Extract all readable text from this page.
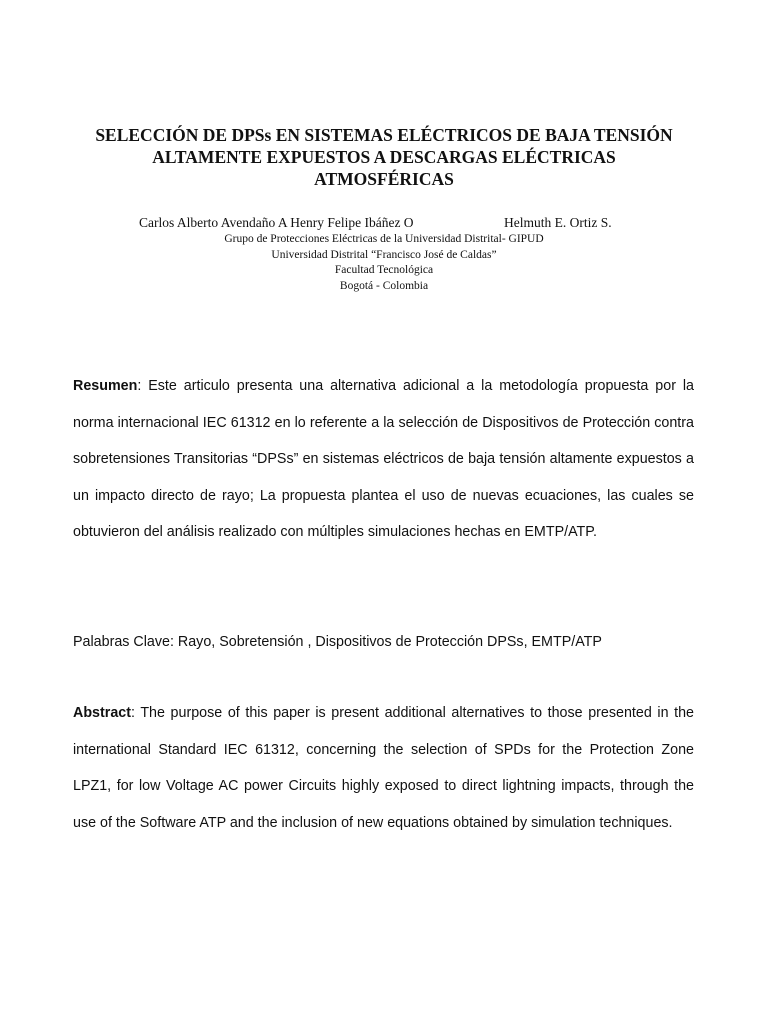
SELECCIÓN DE DPSs EN SISTEMAS ELÉCTRICOS DE BAJA TENSIÓN
ALTAMENTE EXPUESTOS A DESCARGAS ELÉCTRICAS
ATMOSFÉRICAS
Carlos Alberto Avendaño A Henry Felipe Ibáñez O	Helmuth E. Ortiz S.
Grupo de Protecciones Eléctricas de la Universidad Distrital- GIPUD
Universidad Distrital “Francisco José de Caldas”
Facultad Tecnológica
Bogotá - Colombia

Resumen: Este articulo presenta una alternativa adicional a la metodología propuesta por la norma internacional IEC 61312 en lo referente a la selección de Dispositivos de Protección contra sobretensiones Transitorias “DPSs” en sistemas eléctricos de baja tensión altamente expuestos a un impacto directo de rayo; La propuesta plantea el uso de nuevas ecuaciones, las cuales se obtuvieron del análisis realizado con múltiples simulaciones hechas en EMTP/ATP.

Palabras Clave: Rayo, Sobretensión , Dispositivos de Protección DPSs, EMTP/ATP

Abstract: The purpose of this paper is present additional alternatives to those presented in the international Standard IEC 61312, concerning the selection of SPDs for the Protection Zone LPZ1, for low Voltage AC power Circuits highly exposed to direct lightning impacts, through the use of the Software ATP and the inclusion of new equations obtained by simulation techniques.
